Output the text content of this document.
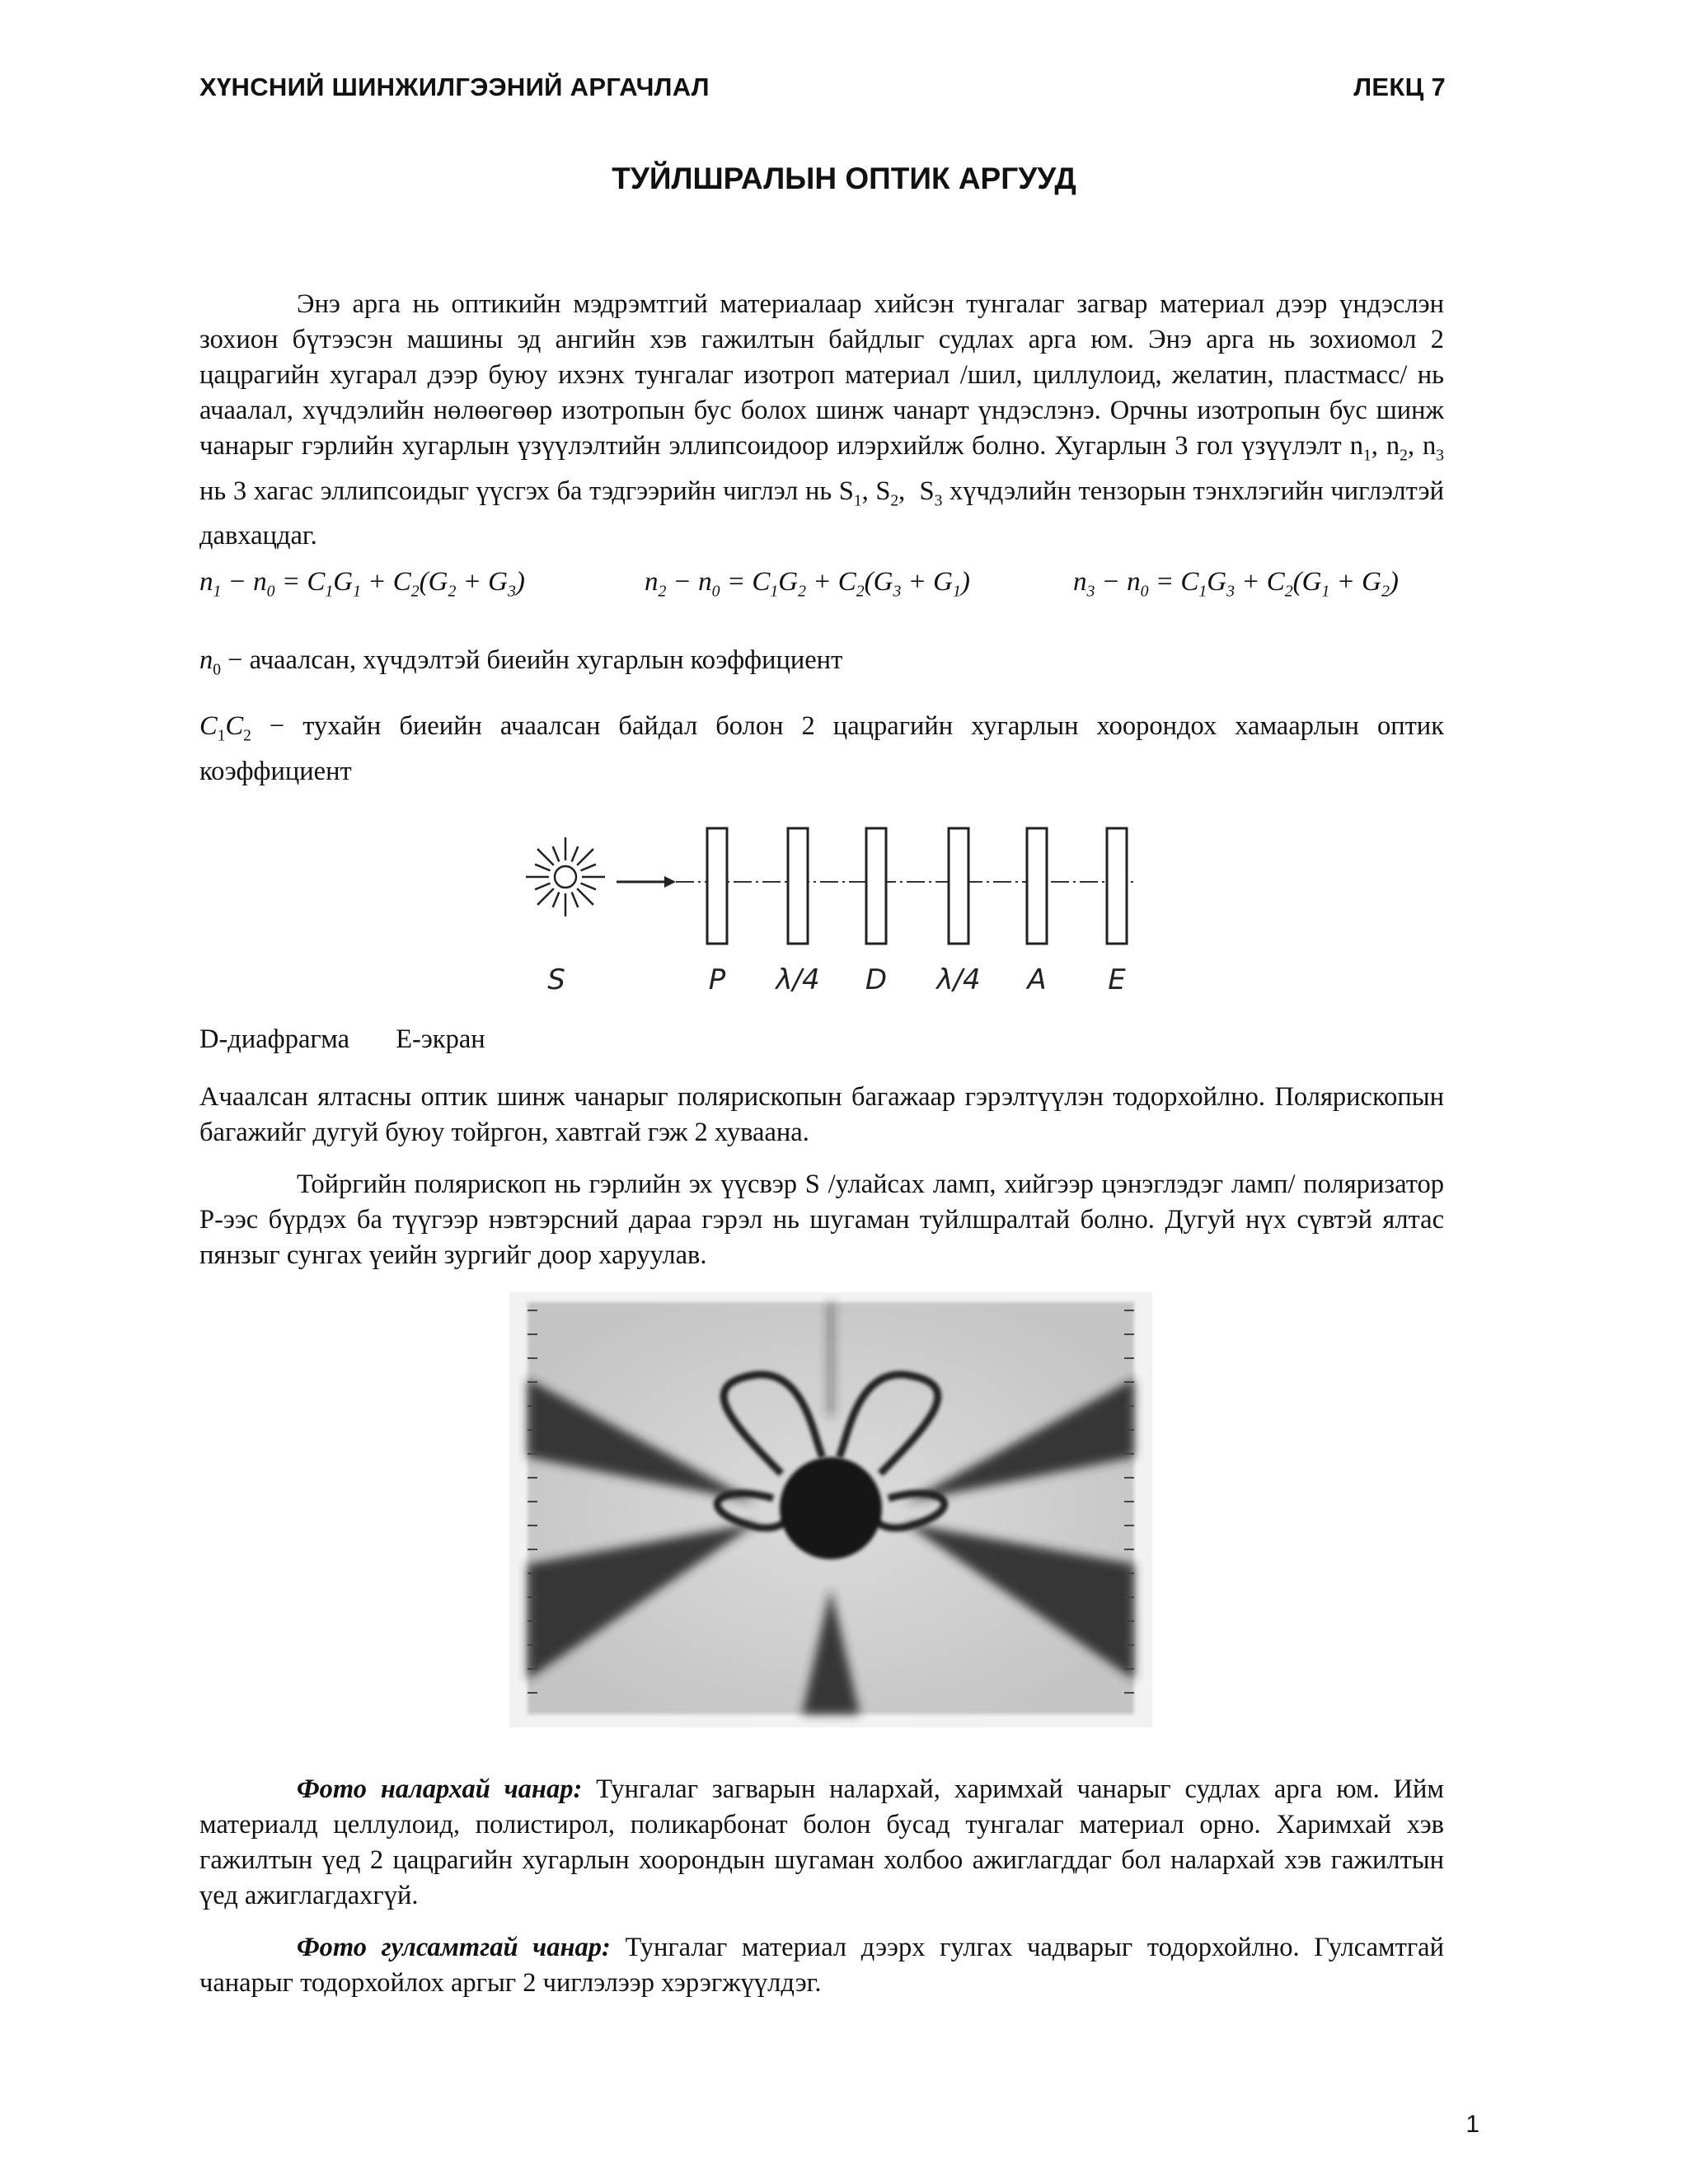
ХҮНСНИЙ ШИНЖИЛГЭЭНИЙ АРГАЧЛАЛ	ЛЕКЦ 7
ТУЙЛШРАЛЫН ОПТИК АРГУУД
Энэ арга нь оптикийн мэдрэмтгий материалаар хийсэн тунгалаг загвар материал дээр үндэслэн зохион бүтээсэн машины эд ангийн хэв гажилтын байдлыг судлах арга юм. Энэ арга нь зохиомол 2 цацрагийн хугарал дээр буюу ихэнх тунгалаг изотроп материал /шил, циллулоид, желатин, пластмасс/ нь ачаалал, хүчдэлийн нөлөөгөөр изотропын бус болох шинж чанарт үндэслэнэ. Орчны изотропын бус шинж чанарыг гэрлийн хугарлын үзүүлэлтийн эллипсоидоор илэрхийлж болно. Хугарлын 3 гол үзүүлэлт $n_1$, $n_2$, $n_3$ нь 3 хагас эллипсоидыг үүсгэх ба тэдгээрийн чиглэл нь $S_1$, $S_2$,  $S_3$ хүчдэлийн тензорын тэнхлэгийн чиглэлтэй давхацдаг.
$n_1 - n_0 = C_1G_1 + C_2(G_2 + G_3)$	$n_2 - n_0 = C_1G_2 + C_2(G_3 + G_1)$	$n_3 - n_0 = C_1G_3 + C_2(G_1 + G_2)$
$n_0$ − ачаалсан, хүчдэлтэй биеийн хугарлын коэффициент
$C_1C_2$ − тухайн биеийн ачаалсан байдал болон 2 цацрагийн хугарлын хоорондох хамаарлын оптик коэффициент
S	P λ/4 D λ/4 A E
D-диафрагма E-экран
Ачаалсан ялтасны оптик шинж чанарыг полярископын багажаар гэрэлтүүлэн тодорхойлно. Полярископын багажийг дугуй буюу тойргон, хавтгай гэж 2 хуваана.
Тойргийн полярископ нь гэрлийн эх үүсвэр S /улайсах ламп, хийгээр цэнэглэдэг ламп/ поляризатор Р-ээс бүрдэх ба түүгээр нэвтэрсний дараа гэрэл нь шугаман туйлшралтай болно. Дугуй нүх сүвтэй ялтас пянзыг сунгах үеийн зургийг доор харуулав.
Фото налархай чанар: Тунгалаг загварын налархай, харимхай чанарыг судлах арга юм. Ийм материалд целлулоид, полистирол, поликарбонат болон бусад тунгалаг материал орно. Харимхай хэв гажилтын үед 2 цацрагийн хугарлын хоорондын шугаман холбоо ажиглагддаг бол налархай хэв гажилтын үед ажиглагдахгүй.
Фото гулсамтгай чанар: Тунгалаг материал дээрх гулгах чадварыг тодорхойлно. Гулсамтгай чанарыг тодорхойлох аргыг 2 чиглэлээр хэрэгжүүлдэг.
1
